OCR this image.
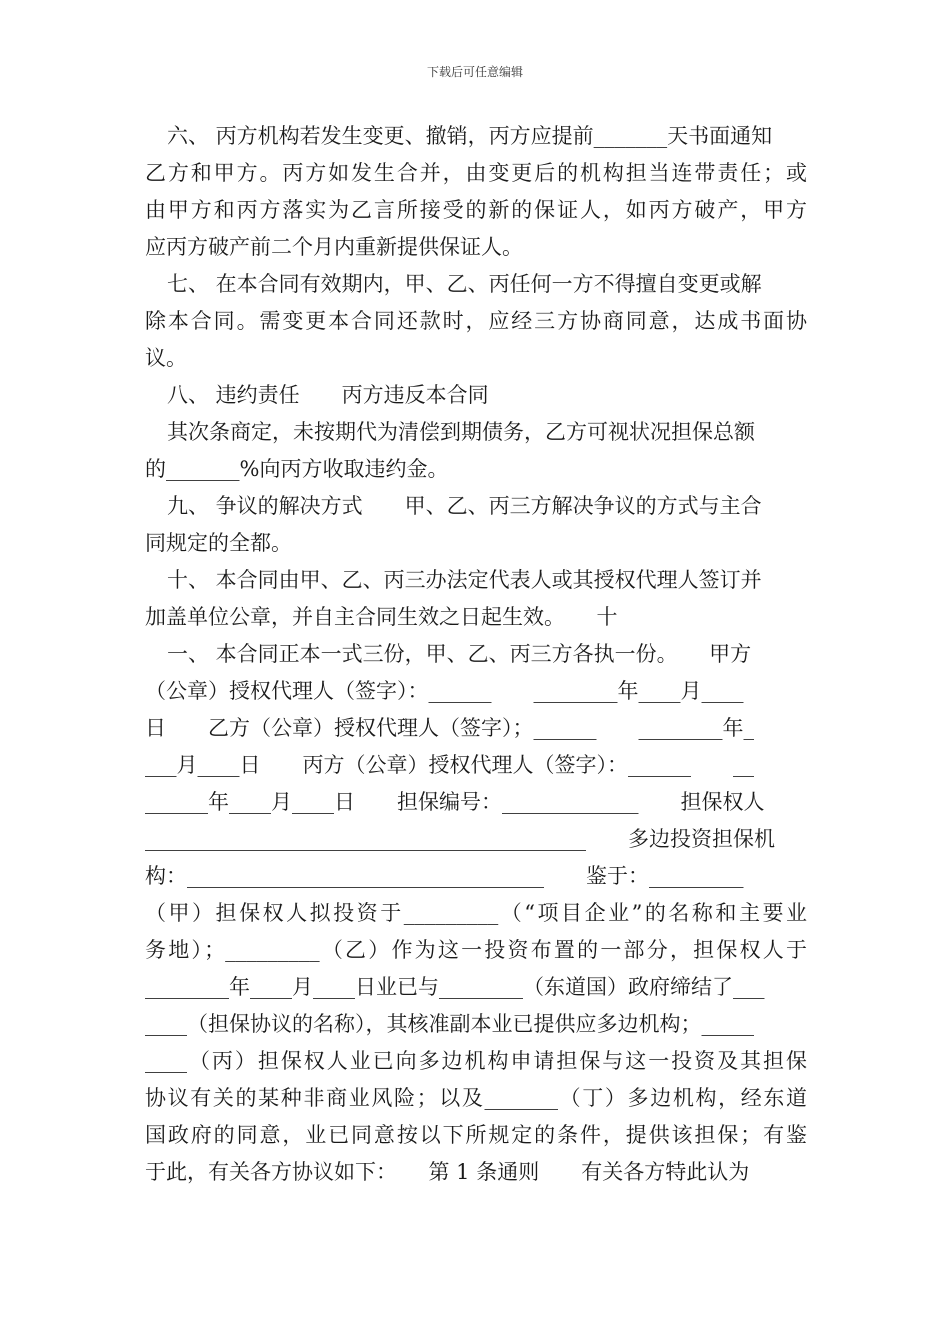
下载后可任意编辑
六、 丙方机构若发生变更、撤销，丙方应提前_______天书面通知
乙方和甲方。丙方如发生合并，由变更后的机构担当连带责任；或
由甲方和丙方落实为乙言所接受的新的保证人，如丙方破产，甲方
应丙方破产前二个月内重新提供保证人。
七、 在本合同有效期内，甲、乙、丙任何一方不得擅自变更或解
除本合同。需变更本合同还款时，应经三方协商同意，达成书面协
议。
八、 违约责任　　丙方违反本合同
其次条商定，未按期代为清偿到期债务，乙方可视状况担保总额
的_______%向丙方收取违约金。
九、 争议的解决方式　　甲、乙、丙三方解决争议的方式与主合
同规定的全都。
十、 本合同由甲、乙、丙三办法定代表人或其授权代理人签订并
加盖单位公章，并自主合同生效之日起生效。　　十
一、 本合同正本一式三份，甲、乙、丙三方各执一份。　　甲方
（公章）授权代理人（签字）：______　　________年____月____
日　　乙方（公章）授权代理人（签字）；______　　________年_
___月____日　　丙方（公章）授权代理人（签字）：______　　__
______年____月____日　　担保编号：_____________　　担保权人
__________________________________________　　多边投资担保机
构：__________________________________　　鉴于：_________
（甲）担保权人拟投资于_________（“项目企业”的名称和主要业
务地）；_________（乙）作为这一投资布置的一部分，担保权人于
________年____月____日业已与________（东道国）政府缔结了___
____（担保协议的名称），其核准副本业已提供应多边机构；_____
____（丙）担保权人业已向多边机构申请担保与这一投资及其担保
协议有关的某种非商业风险；以及_______（丁）多边机构，经东道
国政府的同意，业已同意按以下所规定的条件，提供该担保；有鉴
于此，有关各方协议如下：　　第 1 条通则　　有关各方特此认为
